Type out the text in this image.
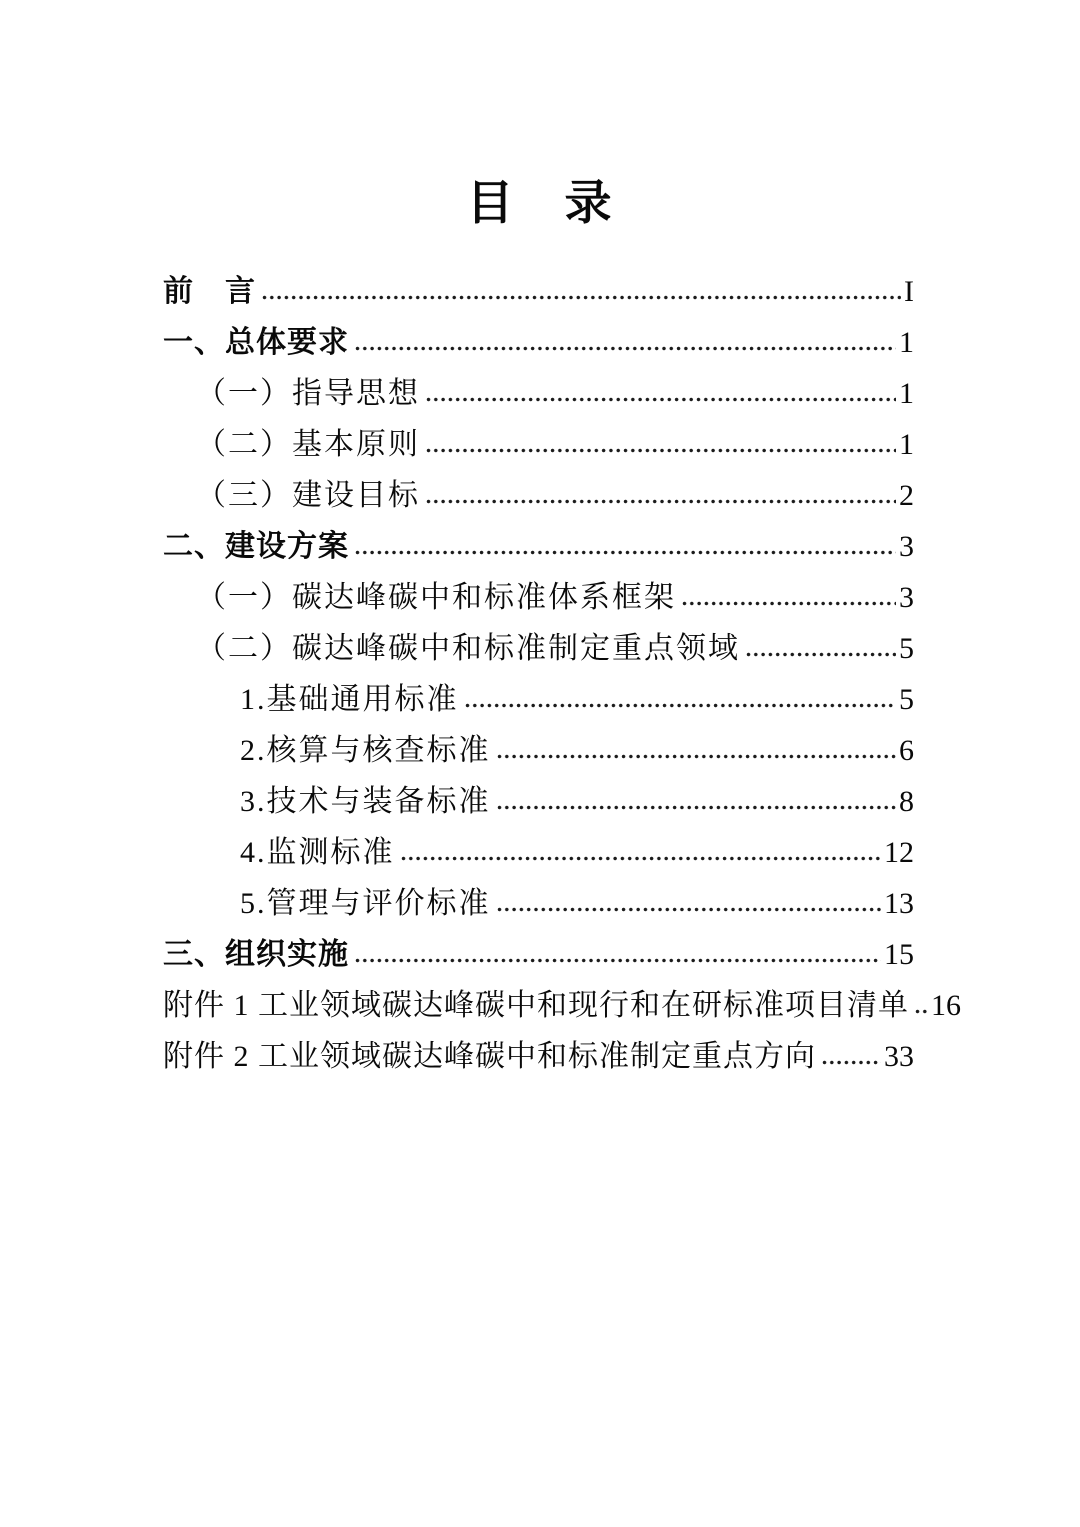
目　录
前　言	I
一、总体要求	1
（一）指导思想	1
（二）基本原则	1
（三）建设目标	2
二、建设方案	3
（一）碳达峰碳中和标准体系框架	3
（二）碳达峰碳中和标准制定重点领域	5
1.基础通用标准	5
2.核算与核查标准	6
3.技术与装备标准	8
4.监测标准	12
5.管理与评价标准	13
三、组织实施	15
附件 1 工业领域碳达峰碳中和现行和在研标准项目清单 16
附件 2 工业领域碳达峰碳中和标准制定重点方向 33
